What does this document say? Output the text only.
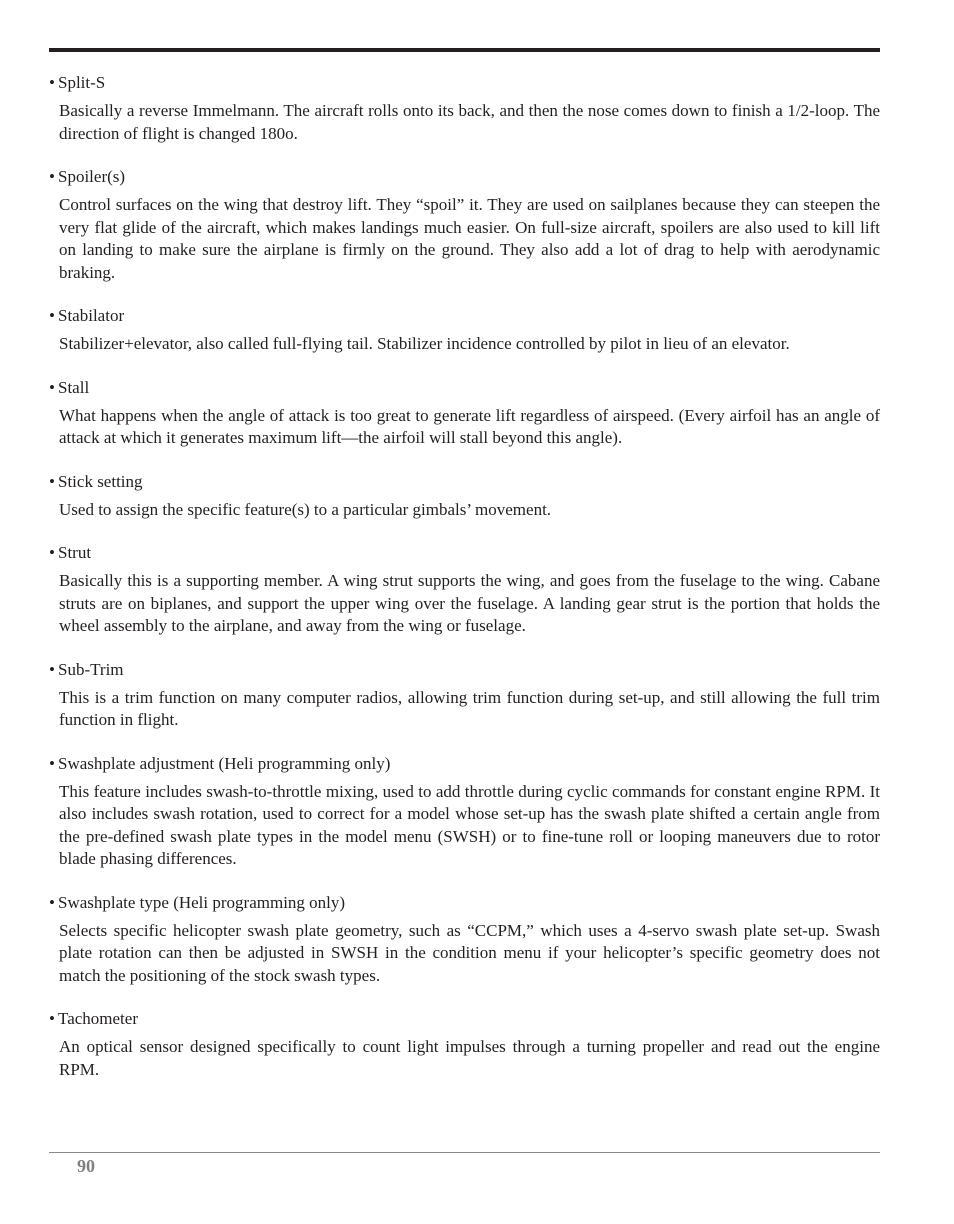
• Split-S
Basically a reverse Immelmann. The aircraft rolls onto its back, and then the nose comes down to finish a 1/2-loop. The direction of flight is changed 180o.
• Spoiler(s)
Control surfaces on the wing that destroy lift. They “spoil” it. They are used on sailplanes because they can steepen the very flat glide of the aircraft, which makes landings much easier. On full-size aircraft, spoilers are also used to kill lift on landing to make sure the airplane is firmly on the ground. They also add a lot of drag to help with aerodynamic braking.
• Stabilator
Stabilizer+elevator, also called full-flying tail. Stabilizer incidence controlled by pilot in lieu of an elevator.
• Stall
What happens when the angle of attack is too great to generate lift regardless of airspeed. (Every airfoil has an angle of attack at which it generates maximum lift—the airfoil will stall beyond this angle).
• Stick setting
Used to assign the specific feature(s) to a particular gimbals’ movement.
• Strut
Basically this is a supporting member. A wing strut supports the wing, and goes from the fuselage to the wing. Cabane struts are on biplanes, and support the upper wing over the fuselage. A landing gear strut is the portion that holds the wheel assembly to the airplane, and away from the wing or fuselage.
• Sub-Trim
This is a trim function on many computer radios, allowing trim function during set-up, and still allowing the full trim function in flight.
• Swashplate adjustment (Heli programming only)
This feature includes swash-to-throttle mixing, used to add throttle during cyclic commands for constant engine RPM. It also includes swash rotation, used to correct for a model whose set-up has the swash plate shifted a certain angle from the pre-defined swash plate types in the model menu (SWSH) or to fine-tune roll or looping maneuvers due to rotor blade phasing differences.
• Swashplate type (Heli programming only)
Selects specific helicopter swash plate geometry, such as “CCPM,” which uses a 4-servo swash plate set-up. Swash plate rotation can then be adjusted in SWSH in the condition menu if your helicopter’s specific geometry does not match the positioning of the stock swash types.
• Tachometer
An optical sensor designed specifically to count light impulses through a turning propeller and read out the engine RPM.
90
